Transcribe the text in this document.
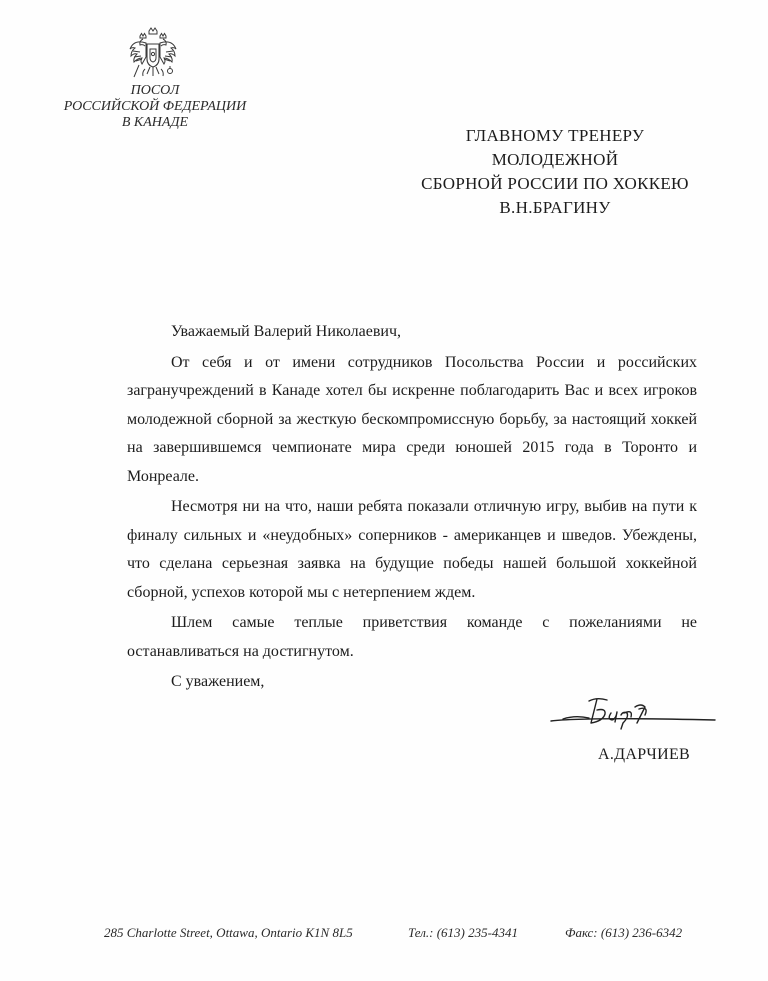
ПОСОЛ
РОССИЙСКОЙ ФЕДЕРАЦИИ
В КАНАДЕ
ГЛАВНОМУ ТРЕНЕРУ
МОЛОДЕЖНОЙ
СБОРНОЙ РОССИИ ПО ХОККЕЮ
В.Н.БРАГИНУ
Уважаемый Валерий Николаевич,

От себя и от имени сотрудников Посольства России и российских загранучреждений в Канаде хотел бы искренне поблагодарить Вас и всех игроков молодежной сборной за жесткую бескомпромиссную борьбу, за настоящий хоккей на завершившемся чемпионате мира среди юношей 2015 года в Торонто и Монреале.

Несмотря ни на что, наши ребята показали отличную игру, выбив на пути к финалу сильных и «неудобных» соперников - американцев и шведов. Убеждены, что сделана серьезная заявка на будущие победы нашей большой хоккейной сборной, успехов которой мы с нетерпением ждем.

Шлем самые теплые приветствия команде с пожеланиями не останавливаться на достигнутом.

С уважением,
А.ДАРЧИЕВ
285 Charlotte Street, Ottawa, Ontario K1N 8L5	Тел.: (613) 235-4341	Факс: (613) 236-6342
